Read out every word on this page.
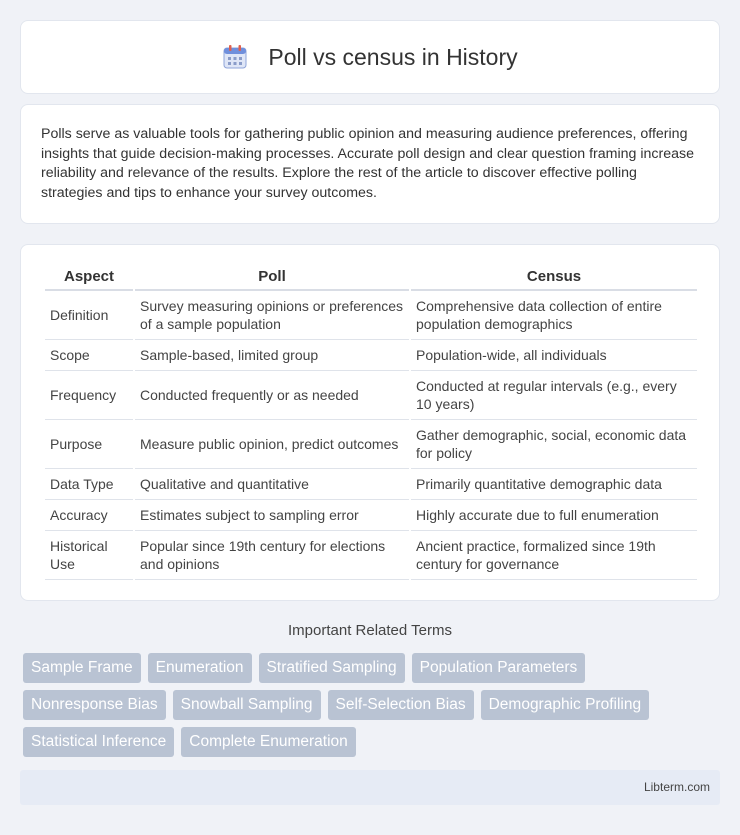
Poll vs census in History

Polls serve as valuable tools for gathering public opinion and measuring audience preferences, offering insights that guide decision-making processes. Accurate poll design and clear question framing increase reliability and relevance of the results. Explore the rest of the article to discover effective polling strategies and tips to enhance your survey outcomes.

Aspect	Poll	Census
Definition	Survey measuring opinions or preferences of a sample population	Comprehensive data collection of entire population demographics
Scope	Sample-based, limited group	Population-wide, all individuals
Frequency	Conducted frequently or as needed	Conducted at regular intervals (e.g., every 10 years)
Purpose	Measure public opinion, predict outcomes	Gather demographic, social, economic data for policy
Data Type	Qualitative and quantitative	Primarily quantitative demographic data
Accuracy	Estimates subject to sampling error	Highly accurate due to full enumeration
Historical Use	Popular since 19th century for elections and opinions	Ancient practice, formalized since 19th century for governance
Important Related Terms
Sample Frame	Enumeration	Stratified Sampling	Population Parameters
Nonresponse Bias	Snowball Sampling	Self-Selection Bias	Demographic Profiling
Statistical Inference	Complete Enumeration
Libterm.com
